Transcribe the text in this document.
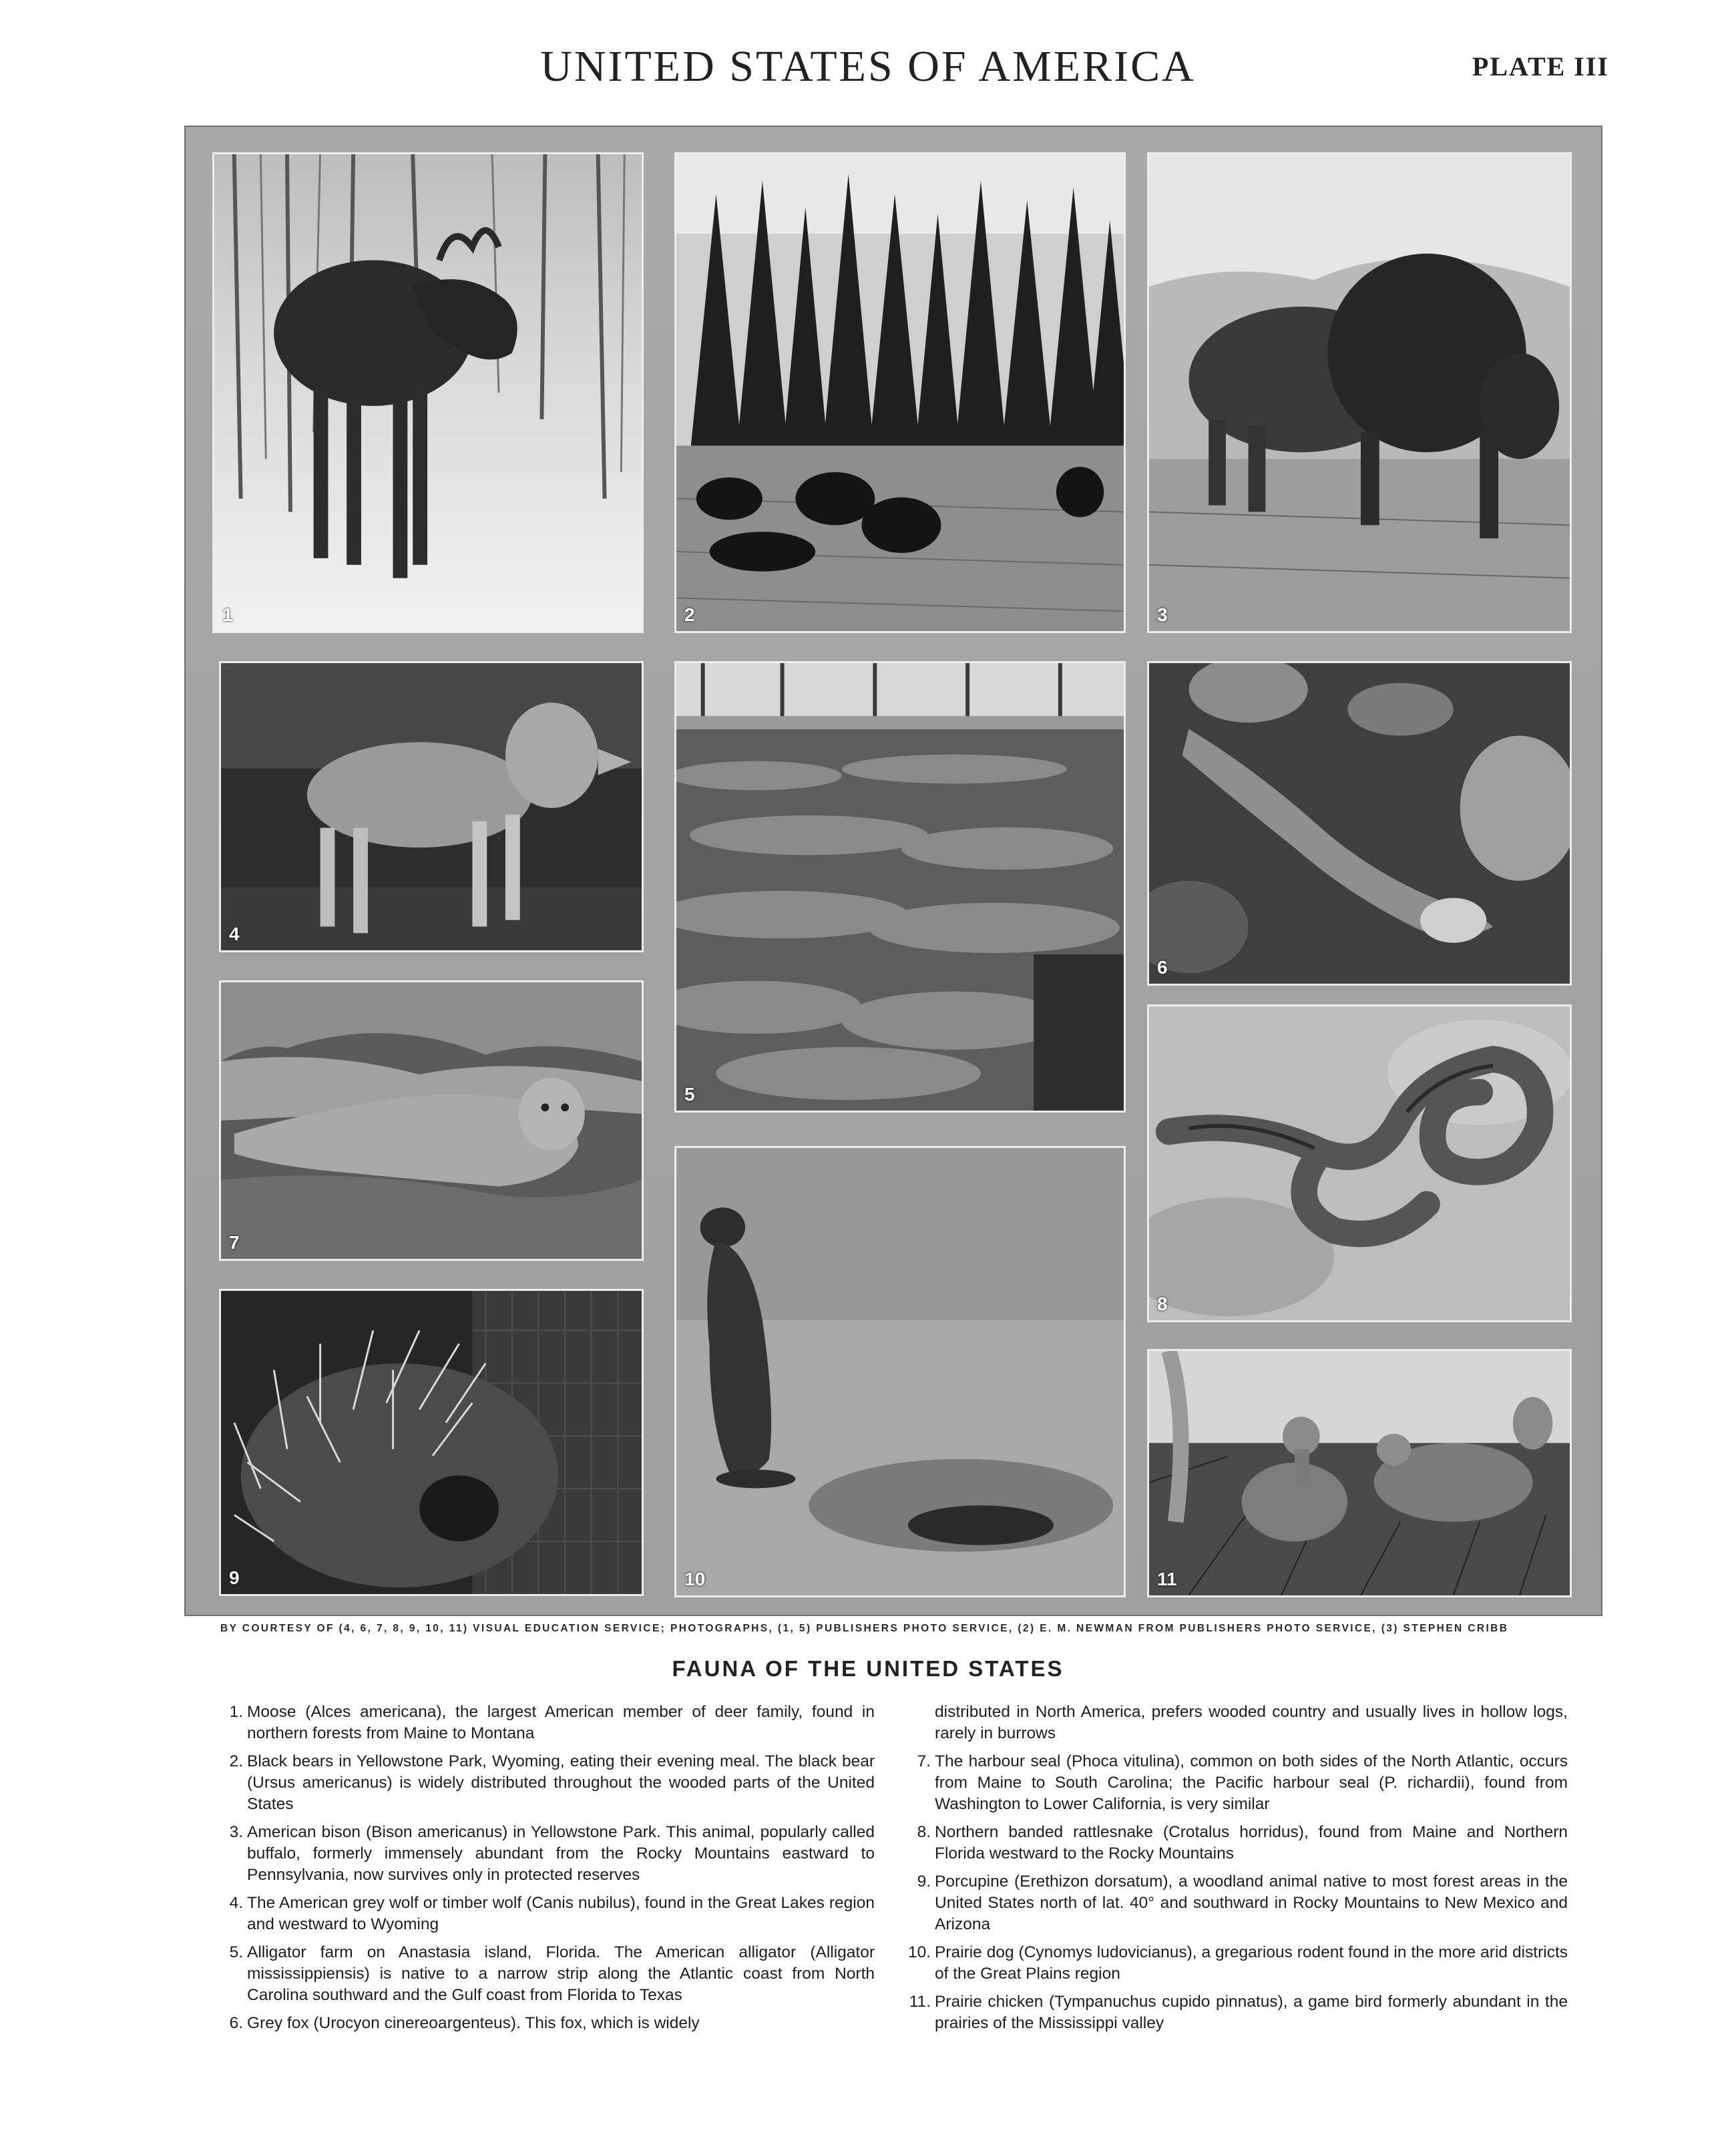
UNITED STATES OF AMERICA	PLATE III
1	2	3
4
5
6
7
8
9	10	11
BY COURTESY OF (4, 6, 7, 8, 9, 10, 11) VISUAL EDUCATION SERVICE; PHOTOGRAPHS, (1, 5) PUBLISHERS PHOTO SERVICE, (2) E. M. NEWMAN FROM PUBLISHERS PHOTO SERVICE, (3) STEPHEN CRIBB
FAUNA OF THE UNITED STATES
1. Moose (Alces americana), the largest American member of deer family, found in northern forests from Maine to Montana
2. Black bears in Yellowstone Park, Wyoming, eating their evening meal. The black bear (Ursus americanus) is widely distributed throughout the wooded parts of the United States
3. American bison (Bison americanus) in Yellowstone Park. This animal, popularly called buffalo, formerly immensely abundant from the Rocky Mountains eastward to Pennsylvania, now survives only in protected reserves
4. The American grey wolf or timber wolf (Canis nubilus), found in the Great Lakes region and westward to Wyoming
5. Alligator farm on Anastasia island, Florida. The American alligator (Alligator mississippiensis) is native to a narrow strip along the Atlantic coast from North Carolina southward and the Gulf coast from Florida to Texas
6. Grey fox (Urocyon cinereoargenteus). This fox, which is widely
distributed in North America, prefers wooded country and usually lives in hollow logs, rarely in burrows
7. The harbour seal (Phoca vitulina), common on both sides of the North Atlantic, occurs from Maine to South Carolina; the Pacific harbour seal (P. richardii), found from Washington to Lower California, is very similar
8. Northern banded rattlesnake (Crotalus horridus), found from Maine and Northern Florida westward to the Rocky Mountains
9. Porcupine (Erethizon dorsatum), a woodland animal native to most forest areas in the United States north of lat. 40° and southward in Rocky Mountains to New Mexico and Arizona
10. Prairie dog (Cynomys ludovicianus), a gregarious rodent found in the more arid districts of the Great Plains region
11. Prairie chicken (Tympanuchus cupido pinnatus), a game bird formerly abundant in the prairies of the Mississippi valley
